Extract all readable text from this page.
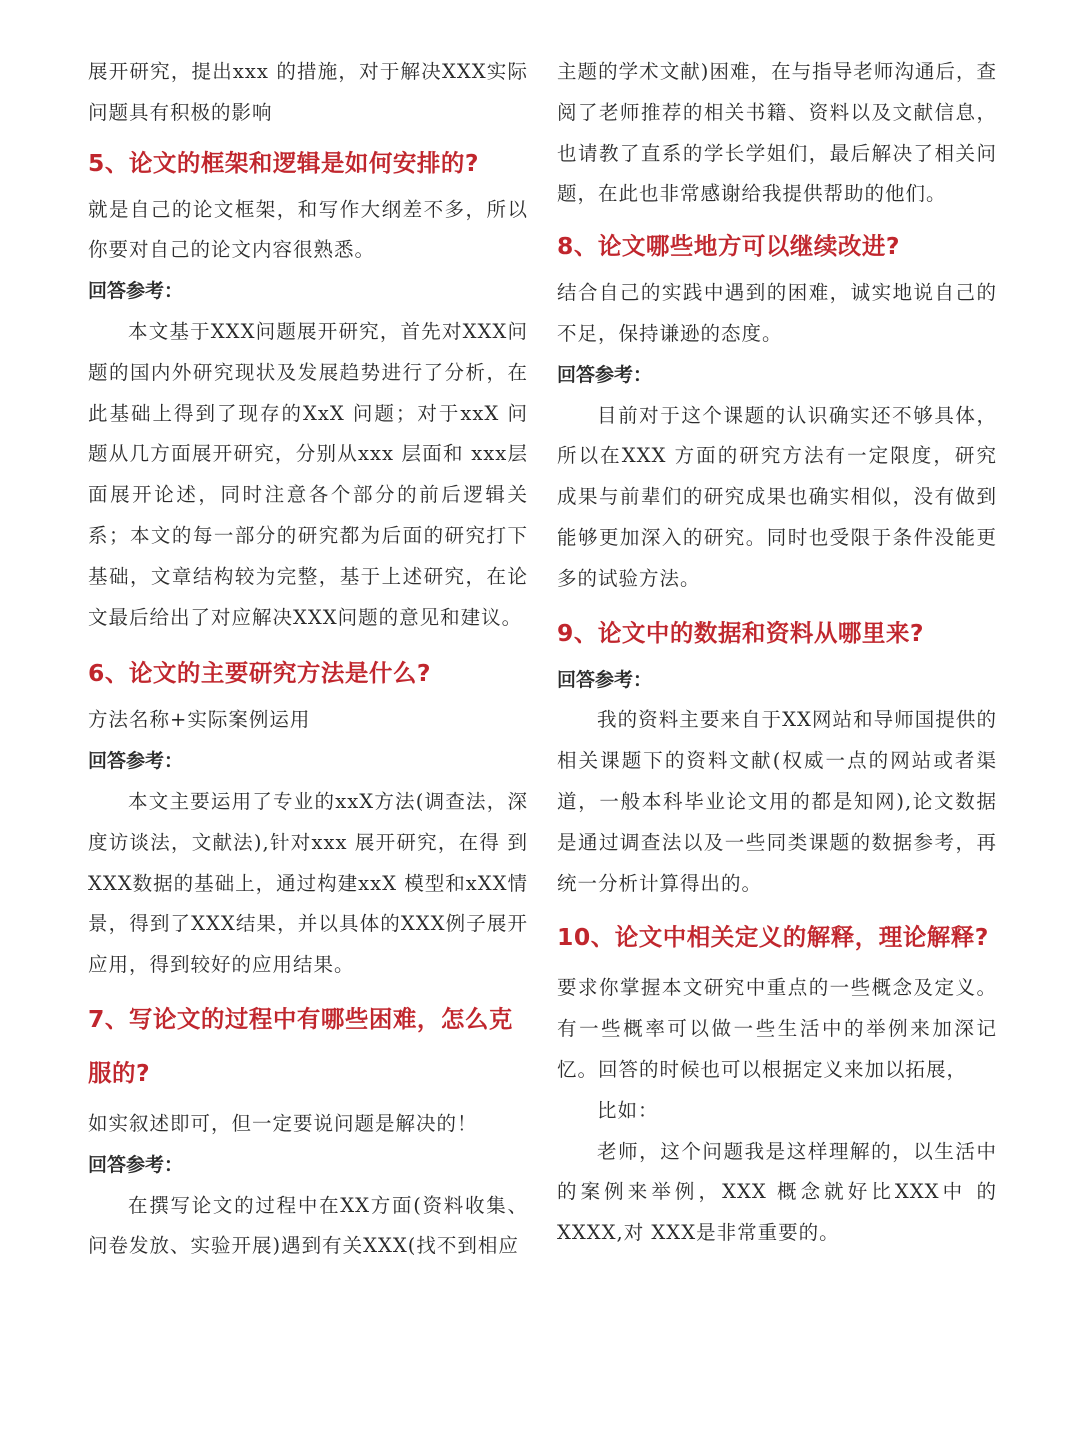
展开研究，提出xxx 的措施，对于解决XXX实际问题具有积极的影响

5、论文的框架和逻辑是如何安排的?

就是自己的论文框架，和写作大纲差不多，所以你要对自己的论文内容很熟悉。

回答参考：

本文基于XXX问题展开研究，首先对XXX问题的国内外研究现状及发展趋势进行了分析，在此基础上得到了现存的XxX 问题；对于xxX 问题从几方面展开研究，分别从xxx 层面和 xxx层面展开论述，同时注意各个部分的前后逻辑关系；本文的每一部分的研究都为后面的研究打下基础，文章结构较为完整，基于上述研究，在论文最后给出了对应解决XXX问题的意见和建议。

6、论文的主要研究方法是什么?

方法名称+实际案例运用

回答参考：

本文主要运用了专业的xxX方法(调查法，深度访谈法，文献法),针对xxx 展开研究，在得 到XXX数据的基础上，通过构建xxX 模型和xXX情景，得到了XXX结果，并以具体的XXX例子展开应用，得到较好的应用结果。

7、写论文的过程中有哪些困难，怎么克服的?

如实叙述即可，但一定要说问题是解决的！

回答参考：

在撰写论文的过程中在XX方面(资料收集、问卷发放、实验开展)遇到有关XXX(找不到相应

主题的学术文献)困难，在与指导老师沟通后，查阅了老师推荐的相关书籍、资料以及文献信息，也请教了直系的学长学姐们，最后解决了相关问题，在此也非常感谢给我提供帮助的他们。

8、论文哪些地方可以继续改进?

结合自己的实践中遇到的困难，诚实地说自己的不足，保持谦逊的态度。

回答参考：

目前对于这个课题的认识确实还不够具体，所以在XXX 方面的研究方法有一定限度，研究成果与前辈们的研究成果也确实相似，没有做到能够更加深入的研究。同时也受限于条件没能更多的试验方法。

9、论文中的数据和资料从哪里来?

回答参考：

我的资料主要来自于XX网站和导师国提供的相关课题下的资料文献(权威一点的网站或者渠道，一般本科毕业论文用的都是知网),论文数据是通过调查法以及一些同类课题的数据参考，再统一分析计算得出的。

10、论文中相关定义的解释，理论解释?

要求你掌握本文研究中重点的一些概念及定义。有一些概率可以做一些生活中的举例来加深记忆。回答的时候也可以根据定义来加以拓展，

比如：

老师，这个问题我是这样理解的，以生活中的案例来举例，XXX 概念就好比XXX中 的XXXX,对 XXX是非常重要的。
